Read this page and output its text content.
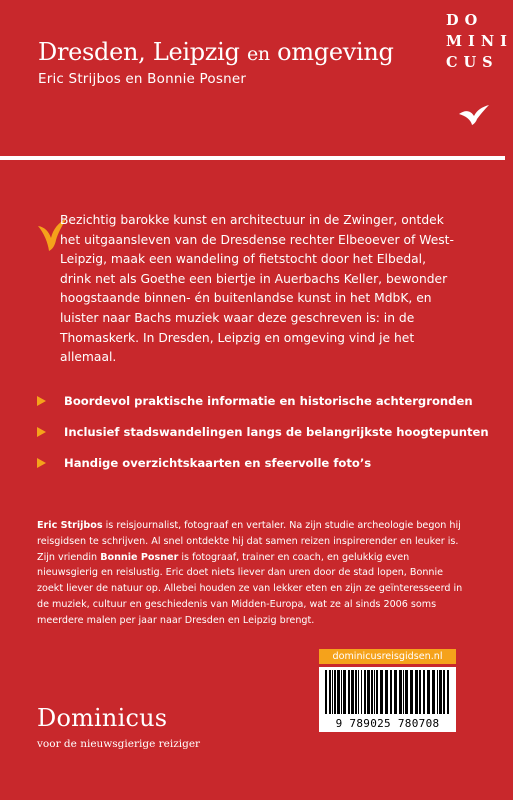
Dresden, Leipzig en omgeving
Eric Strijbos en Bonnie Posner
DO
MINI
CUS
Bezichtig barokke kunst en architectuur in de Zwinger, ontdek het uitgaansleven van de Dresdense rechter Elbeoever of West-Leipzig, maak een wandeling of fietstocht door het Elbedal, drink net als Goethe een biertje in Auerbachs Keller, bewonder hoogstaande binnen- én buitenlandse kunst in het MdbK, en luister naar Bachs muziek waar deze geschreven is: in de Thomaskerk. In Dresden, Leipzig en omgeving vind je het allemaal.
Boordevol praktische informatie en historische achtergronden
Inclusief stadswandelingen langs de belangrijkste hoogtepunten
Handige overzichtskaarten en sfeervolle foto’s
Eric Strijbos is reisjournalist, fotograaf en vertaler. Na zijn studie archeologie begon hij reisgidsen te schrijven. Al snel ontdekte hij dat samen reizen inspirerender en leuker is. Zijn vriendin Bonnie Posner is fotograaf, trainer en coach, en gelukkig even nieuwsgierig en reislustig. Eric doet niets liever dan uren door de stad lopen, Bonnie zoekt liever de natuur op. Allebei houden ze van lekker eten en zijn ze geïnteresseerd in de muziek, cultuur en geschiedenis van Midden-Europa, wat ze al sinds 2006 soms meerdere malen per jaar naar Dresden en Leipzig brengt.
dominicusreisgidsen.nl
9 789025 780708
Dominicus
voor de nieuwsgierige reiziger
